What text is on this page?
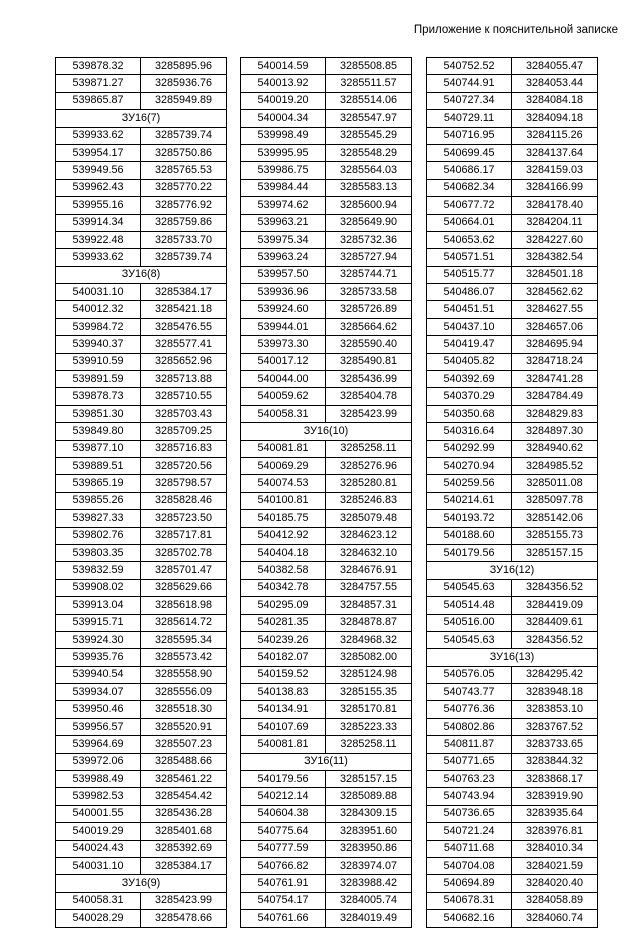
Приложение к пояснительной записке
539878.32	3285895.96
539871.27	3285936.76
539865.87	3285949.89
ЗУ16(7)	
539933.62	3285739.74
539954.17	3285750.86
539949.56	3285765.53
539962.43	3285770.22
539955.16	3285776.92
539914.34	3285759.86
539922.48	3285733.70
539933.62	3285739.74
ЗУ16(8)	
540031.10	3285384.17
540012.32	3285421.18
539984.72	3285476.55
539940.37	3285577.41
539910.59	3285652.96
539891.59	3285713.88
539878.73	3285710.55
539851.30	3285703.43
539849.80	3285709.25
539877.10	3285716.83
539889.51	3285720.56
539865.19	3285798.57
539855.26	3285828.46
539827.33	3285723.50
539802.76	3285717.81
539803.35	3285702.78
539832.59	3285701.47
539908.02	3285629.66
539913.04	3285618.98
539915.71	3285614.72
539924.30	3285595.34
539935.76	3285573.42
539940.54	3285558.90
539934.07	3285556.09
539950.46	3285518.30
539956.57	3285520.91
539964.69	3285507.23
539972.06	3285488.66
539988.49	3285461.22
539982.53	3285454.42
540001.55	3285436.28
540019.29	3285401.68
540024.43	3285392.69
540031.10	3285384.17
ЗУ16(9)	
540058.31	3285423.99
540028.29	3285478.66
540014.59	3285508.85
540013.92	3285511.57
540019.20	3285514.06
540004.34	3285547.97
539998.49	3285545.29
539995.95	3285548.29
539986.75	3285564.03
539984.44	3285583.13
539974.62	3285600.94
539963.21	3285649.90
539975.34	3285732.36
539963.24	3285727.94
539957.50	3285744.71
539936.96	3285733.58
539924.60	3285726.89
539944.01	3285664.62
539973.30	3285590.40
540017.12	3285490.81
540044.00	3285436.99
540059.62	3285404.78
540058.31	3285423.99
ЗУ16(10)	
540081.81	3285258.11
540069.29	3285276.96
540074.53	3285280.81
540100.81	3285246.83
540185.75	3285079.48
540412.92	3284623.12
540404.18	3284632.10
540382.58	3284676.91
540342.78	3284757.55
540295.09	3284857.31
540281.35	3284878.87
540239.26	3284968.32
540182.07	3285082.00
540159.52	3285124.98
540138.83	3285155.35
540134.91	3285170.81
540107.69	3285223.33
540081.81	3285258.11
ЗУ16(11)	
540179.56	3285157.15
540212.14	3285089.88
540604.38	3284309.15
540775.64	3283951.60
540777.59	3283950.86
540766.82	3283974.07
540761.91	3283988.42
540754.17	3284005.74
540761.66	3284019.49
540752.52	3284055.47
540744.91	3284053.44
540727.34	3284084.18
540729.11	3284094.18
540716.95	3284115.26
540699.45	3284137.64
540686.17	3284159.03
540682.34	3284166.99
540677.72	3284178.40
540664.01	3284204.11
540653.62	3284227.60
540571.51	3284382.54
540515.77	3284501.18
540486.07	3284562.62
540451.51	3284627.55
540437.10	3284657.06
540419.47	3284695.94
540405.82	3284718.24
540392.69	3284741.28
540370.29	3284784.49
540350.68	3284829.83
540316.64	3284897.30
540292.99	3284940.62
540270.94	3284985.52
540259.56	3285011.08
540214.61	3285097.78
540193.72	3285142.06
540188.60	3285155.73
540179.56	3285157.15
ЗУ16(12)	
540545.63	3284356.52
540514.48	3284419.09
540516.00	3284409.61
540545.63	3284356.52
ЗУ16(13)	
540576.05	3284295.42
540743.77	3283948.18
540776.36	3283853.10
540802.86	3283767.52
540811.87	3283733.65
540771.65	3283844.32
540763.23	3283868.17
540743.94	3283919.90
540736.65	3283935.64
540721.24	3283976.81
540711.68	3284010.34
540704.08	3284021.59
540694.89	3284020.40
540678.31	3284058.89
540682.16	3284060.74
